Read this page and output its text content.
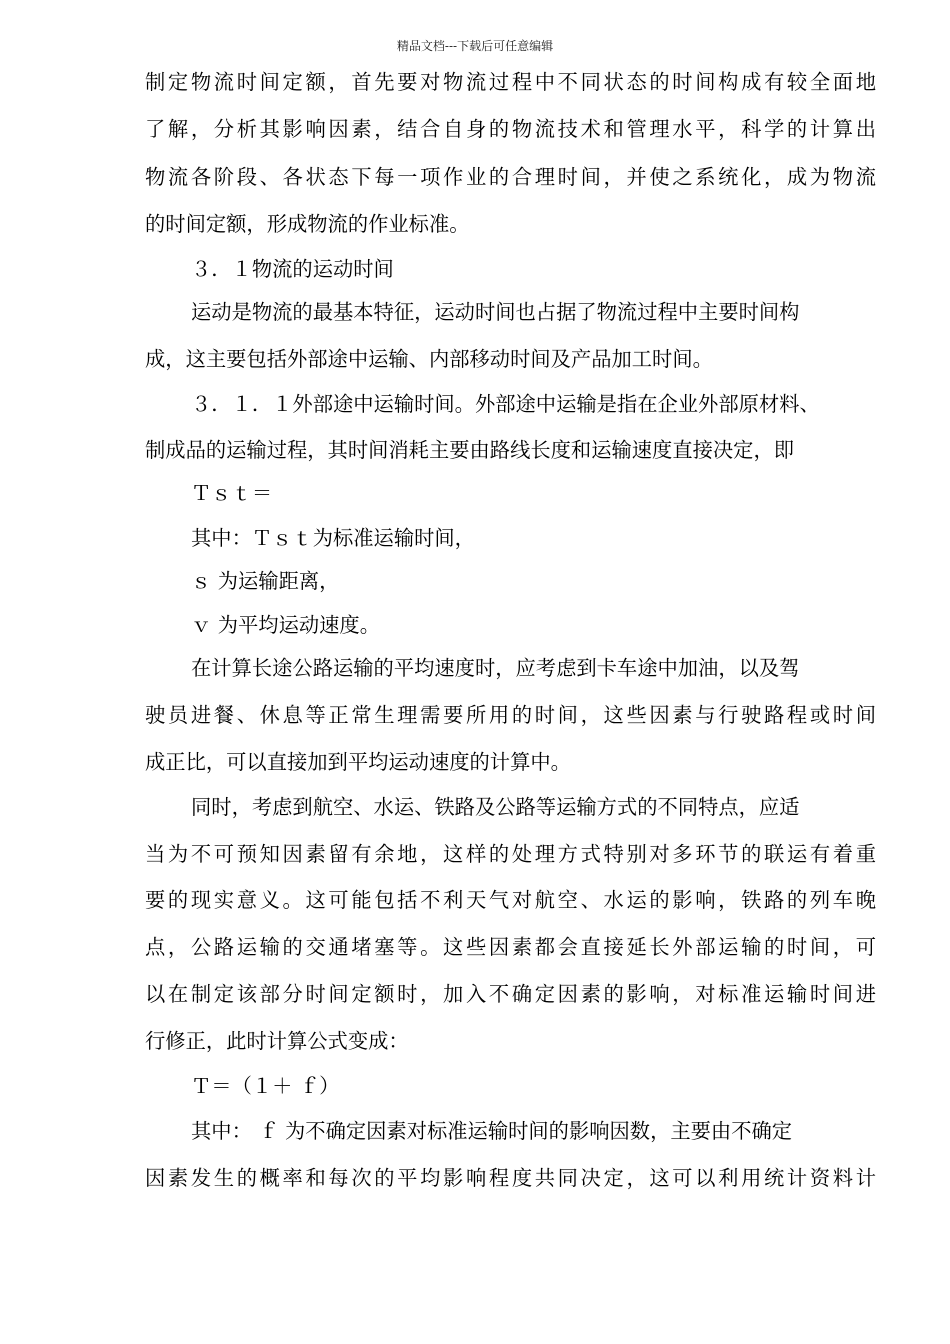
精品文档---下载后可任意编辑
制定物流时间定额，首先要对物流过程中不同状态的时间构成有较全面地
了解，分析其影响因素，结合自身的物流技术和管理水平，科学的计算出
物流各阶段、各状态下每一项作业的合理时间，并使之系统化，成为物流
的时间定额，形成物流的作业标准。
３．１物流的运动时间
运动是物流的最基本特征，运动时间也占据了物流过程中主要时间构
成，这主要包括外部途中运输、内部移动时间及产品加工时间。
３．１．１外部途中运输时间。外部途中运输是指在企业外部原材料、
制成品的运输过程，其时间消耗主要由路线长度和运输速度直接决定，即
Ｔｓｔ＝
其中：Ｔｓｔ为标准运输时间，
ｓ 为运输距离，
ｖ 为平均运动速度。
在计算长途公路运输的平均速度时，应考虑到卡车途中加油，以及驾
驶员进餐、休息等正常生理需要所用的时间，这些因素与行驶路程或时间
成正比，可以直接加到平均运动速度的计算中。
同时，考虑到航空、水运、铁路及公路等运输方式的不同特点，应适
当为不可预知因素留有余地，这样的处理方式特别对多环节的联运有着重
要的现实意义。这可能包括不利天气对航空、水运的影响，铁路的列车晚
点，公路运输的交通堵塞等。这些因素都会直接延长外部运输的时间，可
以在制定该部分时间定额时，加入不确定因素的影响，对标准运输时间进
行修正，此时计算公式变成：
Ｔ＝（１＋ ｆ）
其中： ｆ 为不确定因素对标准运输时间的影响因数，主要由不确定
因素发生的概率和每次的平均影响程度共同决定，这可以利用统计资料计
